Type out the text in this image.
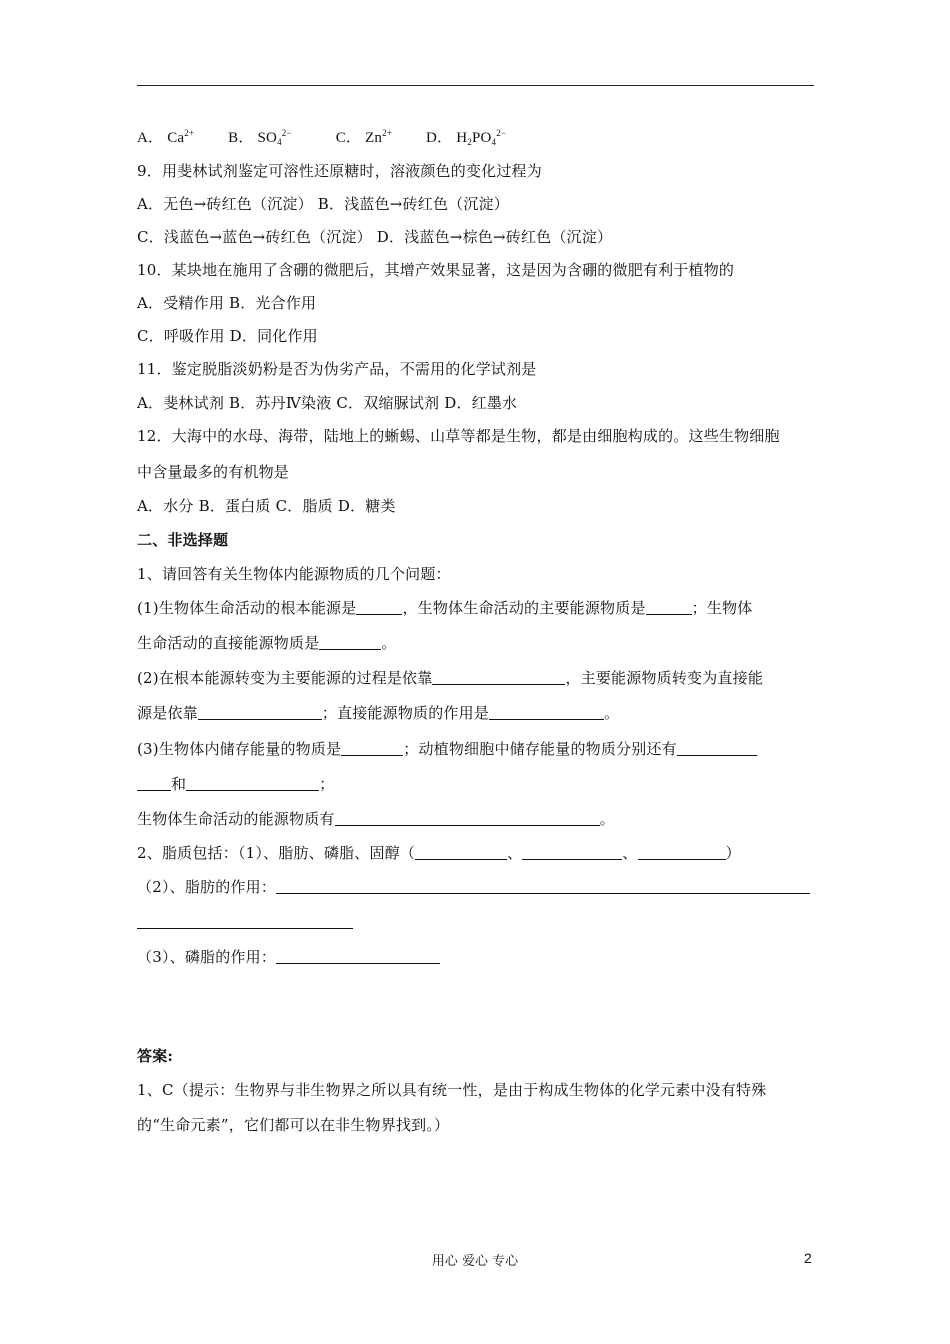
A． $Ca^{2+}$ B． $SO_4^{2-}$	C． $Zn^{2+}$ D． $H_2PO_4^{2-}$
9．用斐林试剂鉴定可溶性还原糖时，溶液颜色的变化过程为
A．无色→砖红色（沉淀） B．浅蓝色→砖红色（沉淀）
C．浅蓝色→蓝色→砖红色（沉淀） D．浅蓝色→棕色→砖红色（沉淀）
10．某块地在施用了含硼的微肥后，其增产效果显著，这是因为含硼的微肥有利于植物的
A．受精作用 B．光合作用
C．呼吸作用 D．同化作用
11．鉴定脱脂淡奶粉是否为伪劣产品，不需用的化学试剂是
A．斐林试剂 B．苏丹Ⅳ染液 C．双缩脲试剂 D．红墨水
12．大海中的水母、海带，陆地上的蜥蜴、山草等都是生物，都是由细胞构成的。这些生物细胞
中含量最多的有机物是
A．水分 B．蛋白质 C．脂质 D．糖类
二、非选择题
1、请回答有关生物体内能源物质的几个问题：
(1)生物体生命活动的根本能源是	，生物体生命活动的主要能源物质是	；生物体
生命活动的直接能源物质是	。
(2)在根本能源转变为主要能源的过程是依靠	，主要能源物质转变为直接能
源是依靠	；直接能源物质的作用是	。
(3)生物体内储存能量的物质是	；动植物细胞中储存能量的物质分别还有
和	；
生物体生命活动的能源物质有	。
2、脂质包括：（1）、脂肪、磷脂、固醇（	、	、	）
（2）、脂肪的作用：
（3）、磷脂的作用：
答案:
1、C（提示：生物界与非生物界之所以具有统一性，是由于构成生物体的化学元素中没有特殊
的“生命元素”，它们都可以在非生物界找到。）
用心 爱心 专心	2
